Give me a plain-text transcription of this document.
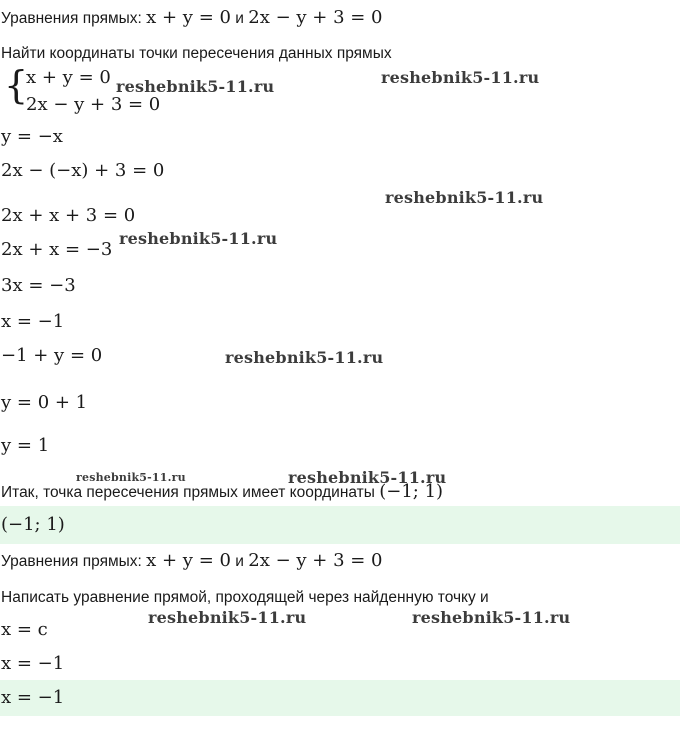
Уравнения прямых: x + y = 0 и 2x − y + 3 = 0
Найти координаты точки пересечения данных прямых
{
x + y = 0
2x − y + 3 = 0
y = −x
2x − (−x) + 3 = 0
2x + x + 3 = 0
2x + x = −3
3x = −3
x = −1
−1 + y = 0
y = 0 + 1
y = 1
Итак, точка пересечения прямых имеет координаты (−1; 1)
(−1; 1)
Уравнения прямых: x + y = 0 и 2x − y + 3 = 0
Написать уравнение прямой, проходящей через найденную точку и
x = c
x = −1
x = −1
reshebnik5-11.ru	reshebnik5-11.ru
reshebnik5-11.ru
reshebnik5-11.ru
reshebnik5-11.ru
reshebnik5-11.ru	reshebnik5-11.ru
reshebnik5-11.ru	reshebnik5-11.ru
